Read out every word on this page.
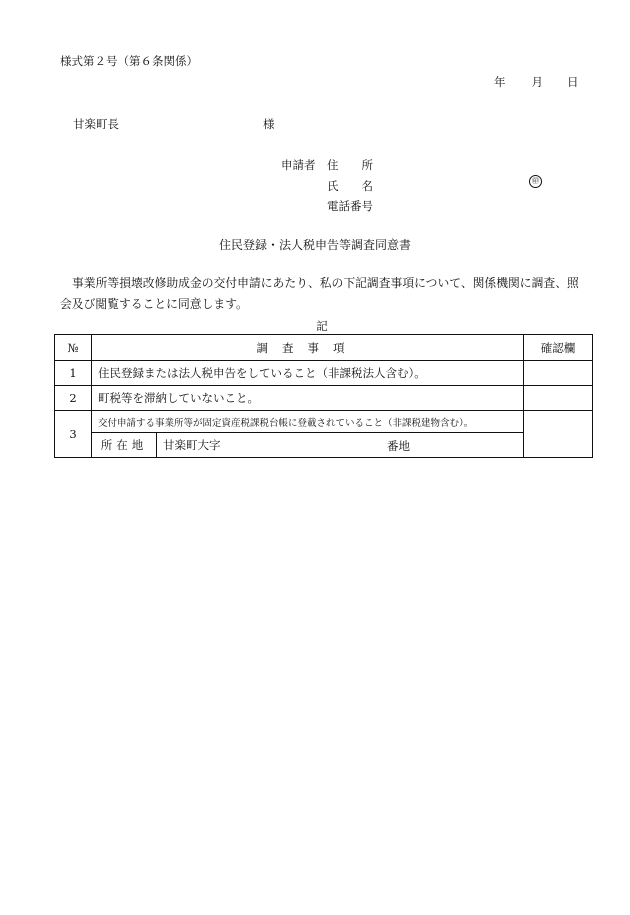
様式第２号（第６条関係）
年 月 日
甘楽町長	様
申請者 住　　所
氏　　名
電話番号
㊞
住民登録・法人税申告等調査同意書
事業所等損壊改修助成金の交付申請にあたり、私の下記調査事項について、関係機関に調査、照会及び閲覧することに同意します。
記
№	調査事項		確認欄
1	住民登録または法人税申告をしていること（非課税法人含む）。		
2	町税等を滞納していないこと。		
3	交付申請する事業所等が固定資産税課税台帳に登載されていること（非課税建物含む）。		
	所在地	甘楽町大字 番地	
